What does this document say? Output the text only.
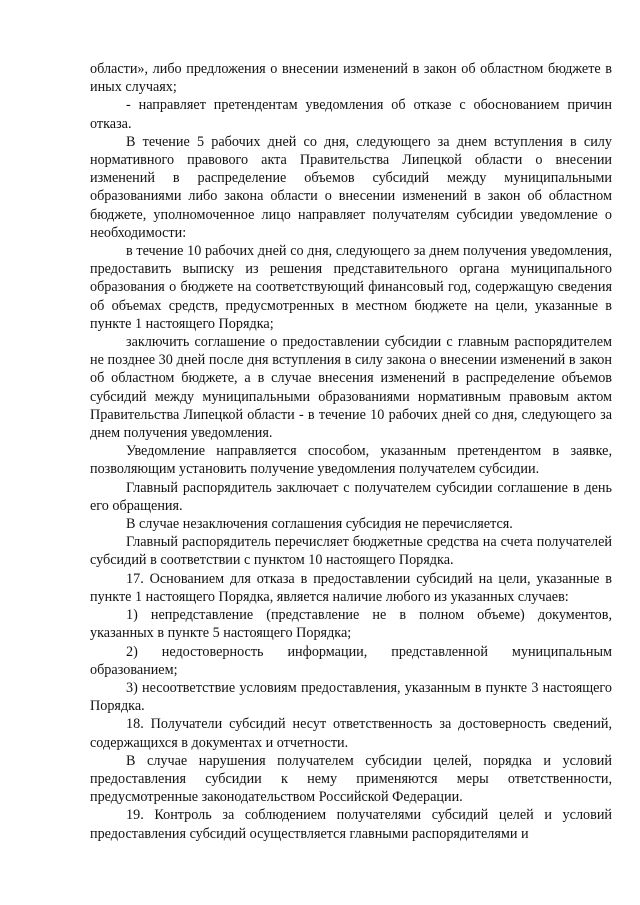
области», либо предложения о внесении изменений в закон об областном бюджете в иных случаях;

- направляет претендентам уведомления об отказе с обоснованием причин отказа.

В течение 5 рабочих дней со дня, следующего за днем вступления в силу нормативного правового акта Правительства Липецкой области о внесении изменений в распределение объемов субсидий между муниципальными образованиями либо закона области о внесении изменений в закон об областном бюджете, уполномоченное лицо направляет получателям субсидии уведомление о необходимости:

в течение 10 рабочих дней со дня, следующего за днем получения уведомления, предоставить выписку из решения представительного органа муниципального образования о бюджете на соответствующий финансовый год, содержащую сведения об объемах средств, предусмотренных в местном бюджете на цели, указанные в пункте 1 настоящего Порядка;

заключить соглашение о предоставлении субсидии с главным распорядителем не позднее 30 дней после дня вступления в силу закона о внесении изменений в закон об областном бюджете, а в случае внесения изменений в распределение объемов субсидий между муниципальными образованиями нормативным правовым актом Правительства Липецкой области - в течение 10 рабочих дней со дня, следующего за днем получения уведомления.

Уведомление направляется способом, указанным претендентом в заявке, позволяющим установить получение уведомления получателем субсидии.

Главный распорядитель заключает с получателем субсидии соглашение в день его обращения.

В случае незаключения соглашения субсидия не перечисляется.

Главный распорядитель перечисляет бюджетные средства на счета получателей субсидий в соответствии с пунктом 10 настоящего Порядка.

17. Основанием для отказа в предоставлении субсидий на цели, указанные в пункте 1 настоящего Порядка, является наличие любого из указанных случаев:

1) непредставление (представление не в полном объеме) документов, указанных в пункте 5 настоящего Порядка;

2) недостоверность информации, представленной муниципальным образованием;

3) несоответствие условиям предоставления, указанным в пункте 3 настоящего Порядка.

18. Получатели субсидий несут ответственность за достоверность сведений, содержащихся в документах и отчетности.

В случае нарушения получателем субсидии целей, порядка и условий предоставления субсидии к нему применяются меры ответственности, предусмотренные законодательством Российской Федерации.

19. Контроль за соблюдением получателями субсидий целей и условий предоставления субсидий осуществляется главными распорядителями и
